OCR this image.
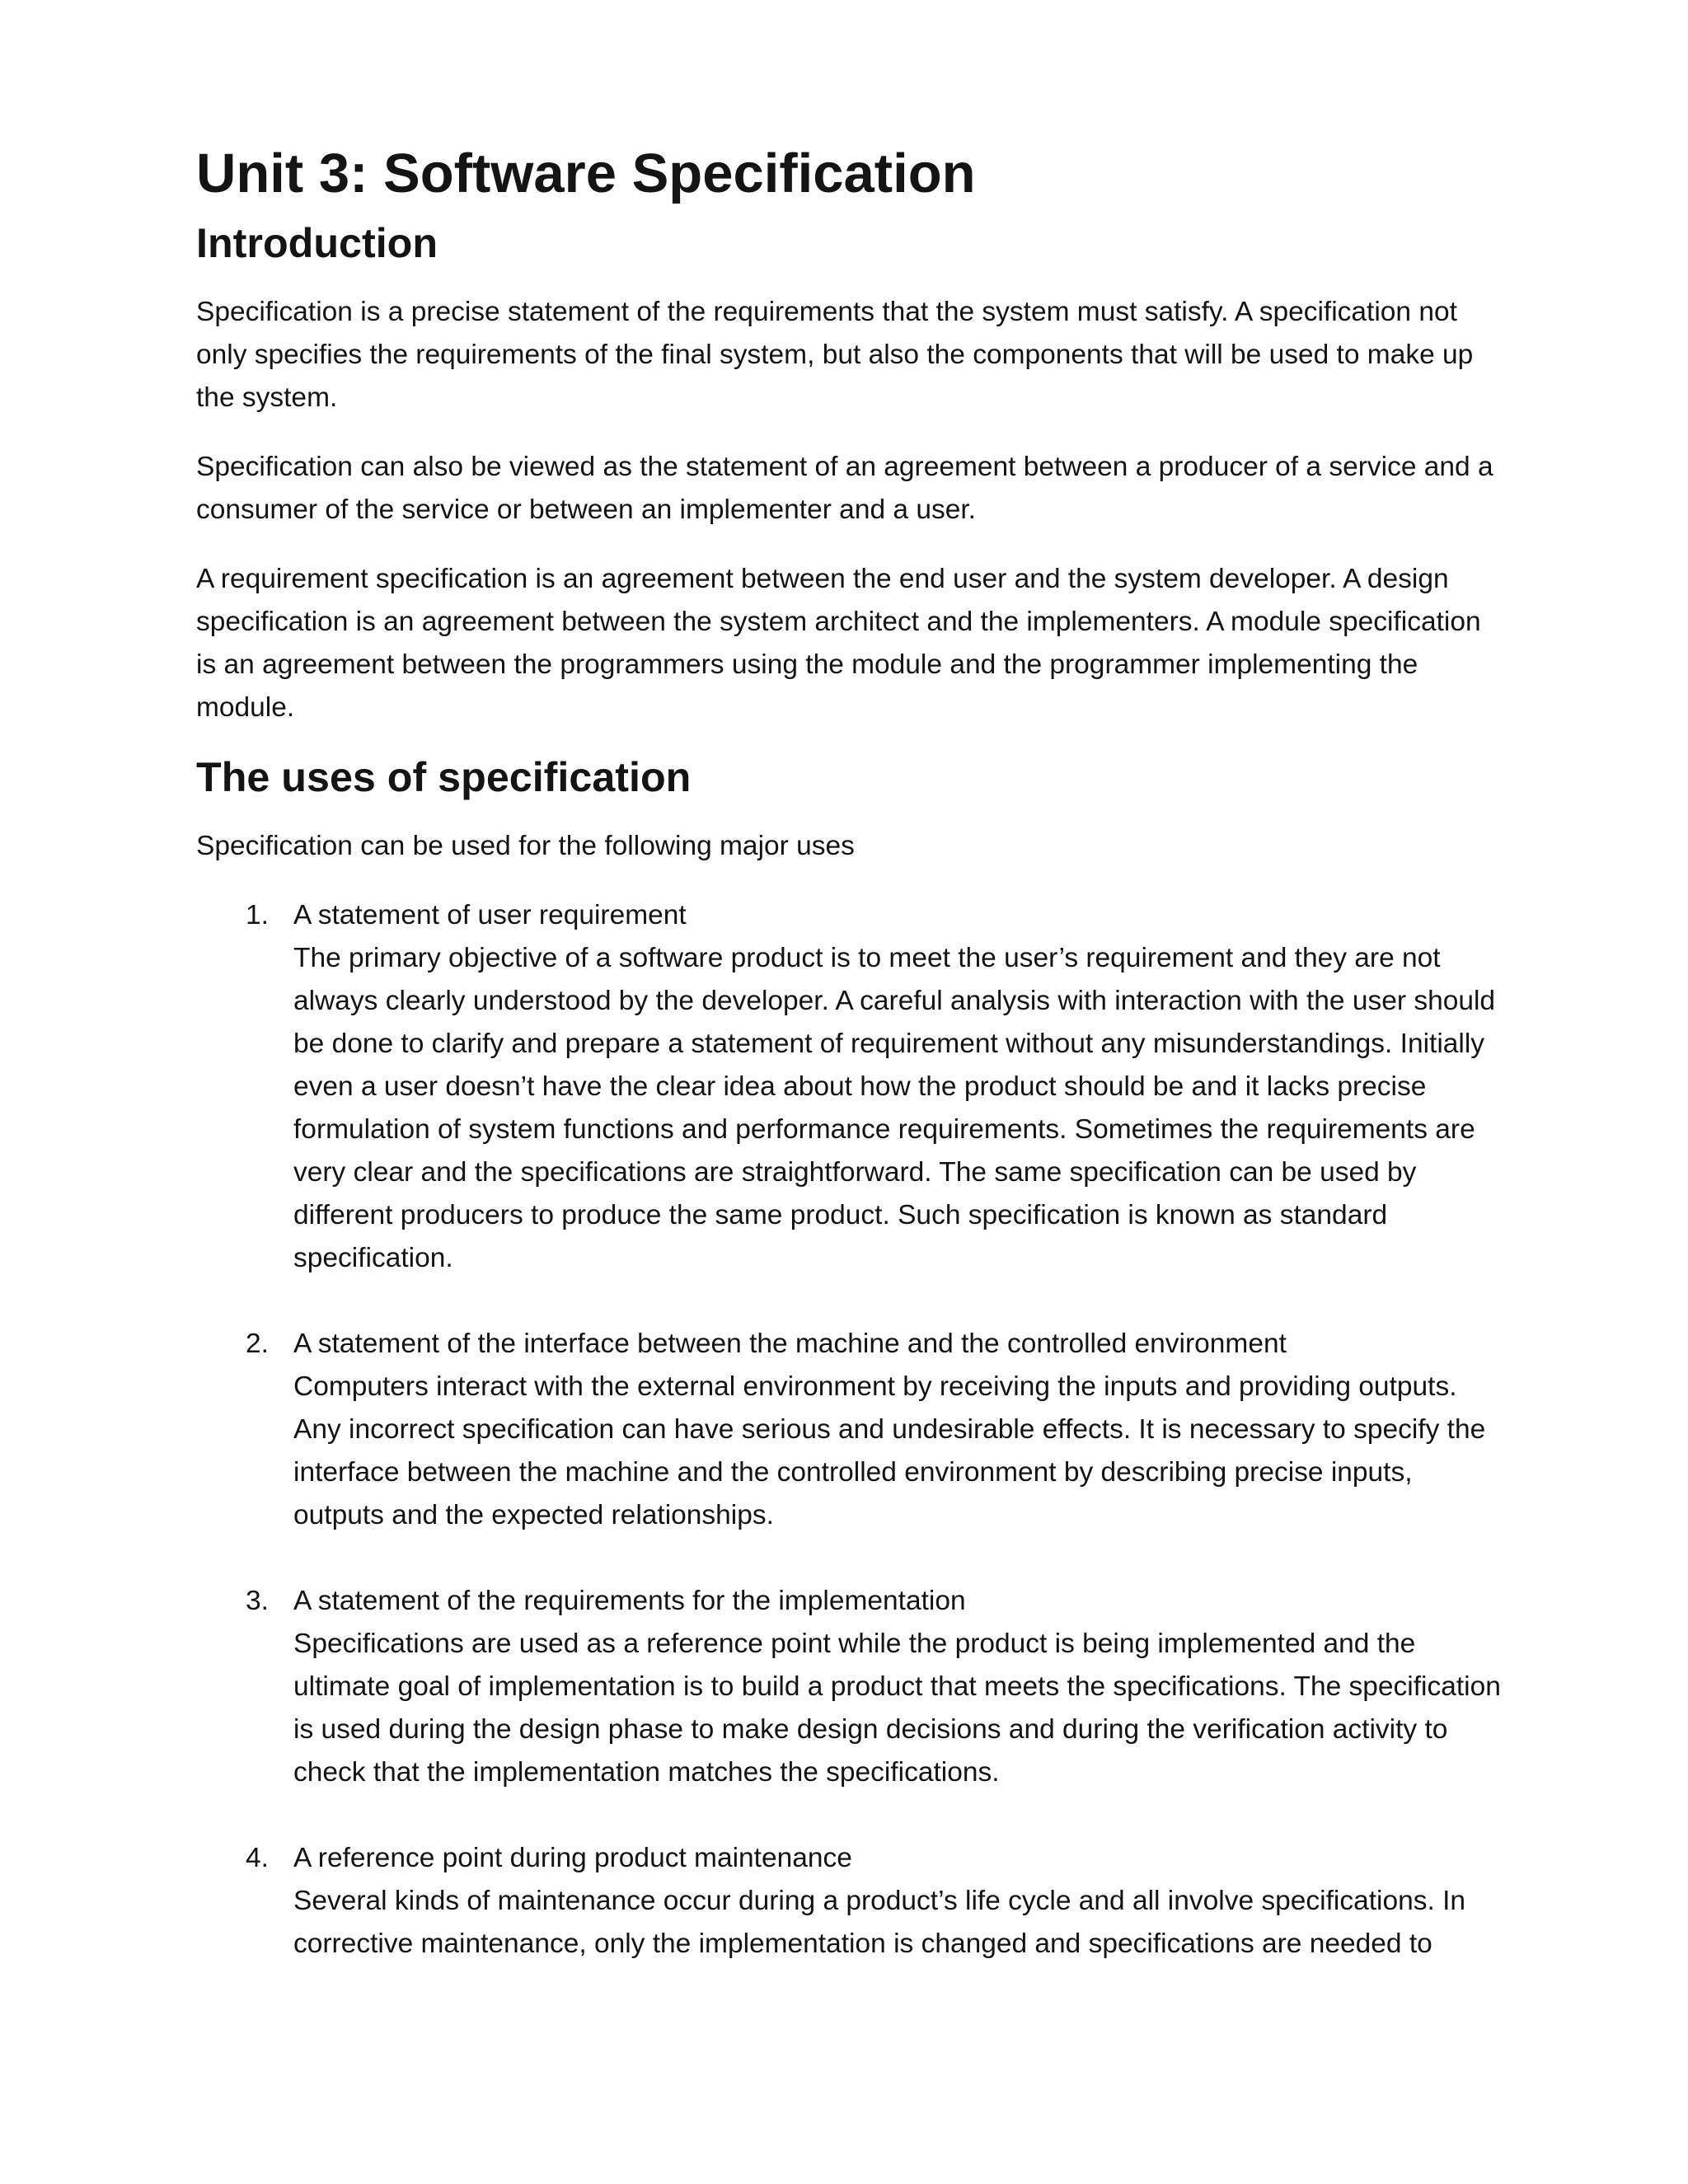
Unit 3: Software Specification
Introduction

Specification is a precise statement of the requirements that the system must satisfy. A specification not only specifies the requirements of the final system, but also the components that will be used to make up the system.

Specification can also be viewed as the statement of an agreement between a producer of a service and a consumer of the service or between an implementer and a user.

A requirement specification is an agreement between the end user and the system developer. A design specification is an agreement between the system architect and the implementers. A module specification is an agreement between the programmers using the module and the programmer implementing the module.

The uses of specification

Specification can be used for the following major uses

1. A statement of user requirement
The primary objective of a software product is to meet the user’s requirement and they are not always clearly understood by the developer. A careful analysis with interaction with the user should be done to clarify and prepare a statement of requirement without any misunderstandings. Initially even a user doesn’t have the clear idea about how the product should be and it lacks precise formulation of system functions and performance requirements. Sometimes the requirements are very clear and the specifications are straightforward. The same specification can be used by different producers to produce the same product. Such specification is known as standard specification.
2. A statement of the interface between the machine and the controlled environment
Computers interact with the external environment by receiving the inputs and providing outputs. Any incorrect specification can have serious and undesirable effects. It is necessary to specify the interface between the machine and the controlled environment by describing precise inputs, outputs and the expected relationships.
3. A statement of the requirements for the implementation
Specifications are used as a reference point while the product is being implemented and the ultimate goal of implementation is to build a product that meets the specifications. The specification is used during the design phase to make design decisions and during the verification activity to check that the implementation matches the specifications.
4. A reference point during product maintenance
Several kinds of maintenance occur during a product’s life cycle and all involve specifications. In corrective maintenance, only the implementation is changed and specifications are needed to
